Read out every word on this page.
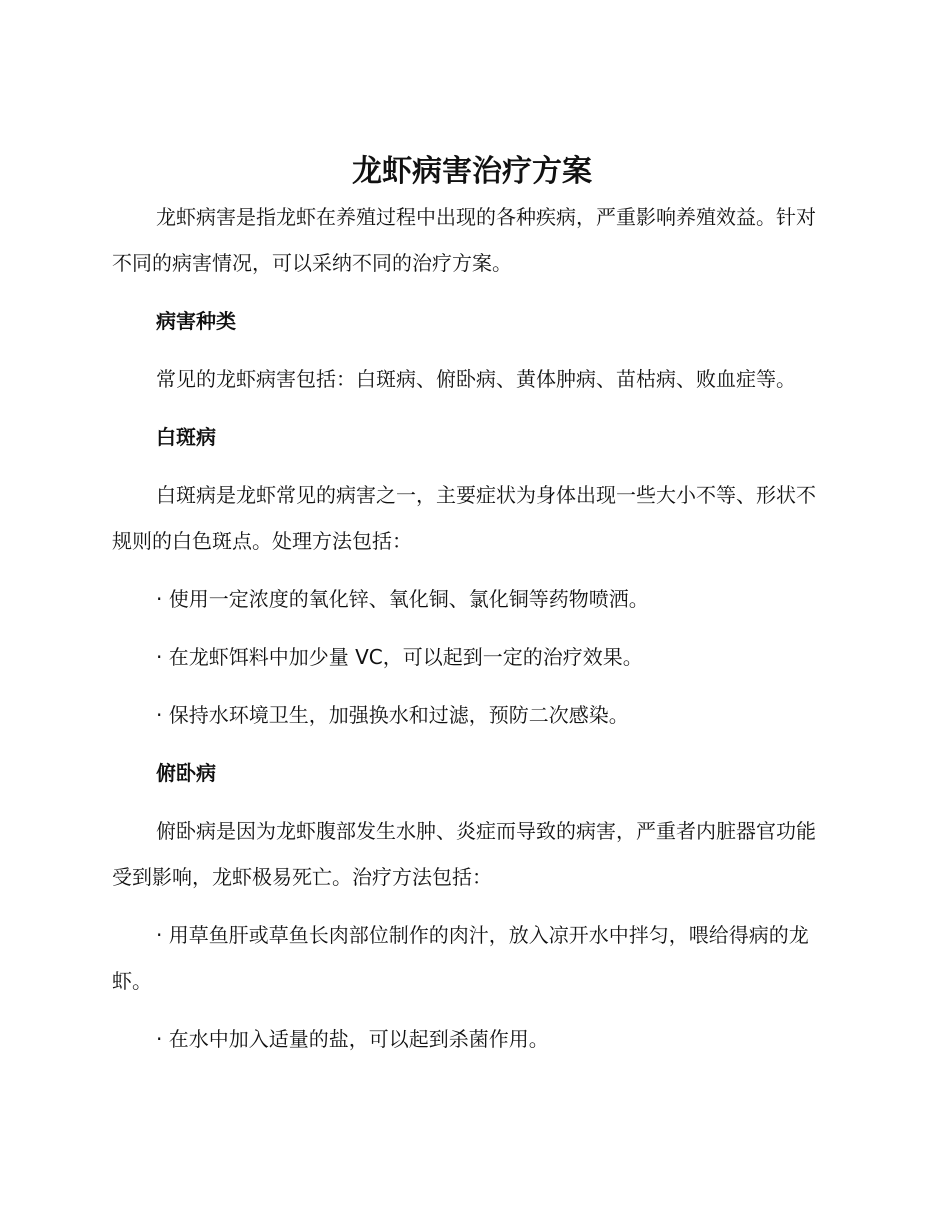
龙虾病害治疗方案

龙虾病害是指龙虾在养殖过程中出现的各种疾病，严重影响养殖效益。针对不同的病害情况，可以采纳不同的治疗方案。

病害种类

常见的龙虾病害包括：白斑病、俯卧病、黄体肿病、苗枯病、败血症等。

白斑病

白斑病是龙虾常见的病害之一，主要症状为身体出现一些大小不等、形状不规则的白色斑点。处理方法包括：

· 使用一定浓度的氧化锌、氧化铜、氯化铜等药物喷洒。

· 在龙虾饵料中加少量 VC，可以起到一定的治疗效果。

· 保持水环境卫生，加强换水和过滤，预防二次感染。

俯卧病

俯卧病是因为龙虾腹部发生水肿、炎症而导致的病害，严重者内脏器官功能受到影响，龙虾极易死亡。治疗方法包括：

· 用草鱼肝或草鱼长肉部位制作的肉汁，放入凉开水中拌匀，喂给得病的龙虾。

· 在水中加入适量的盐，可以起到杀菌作用。
